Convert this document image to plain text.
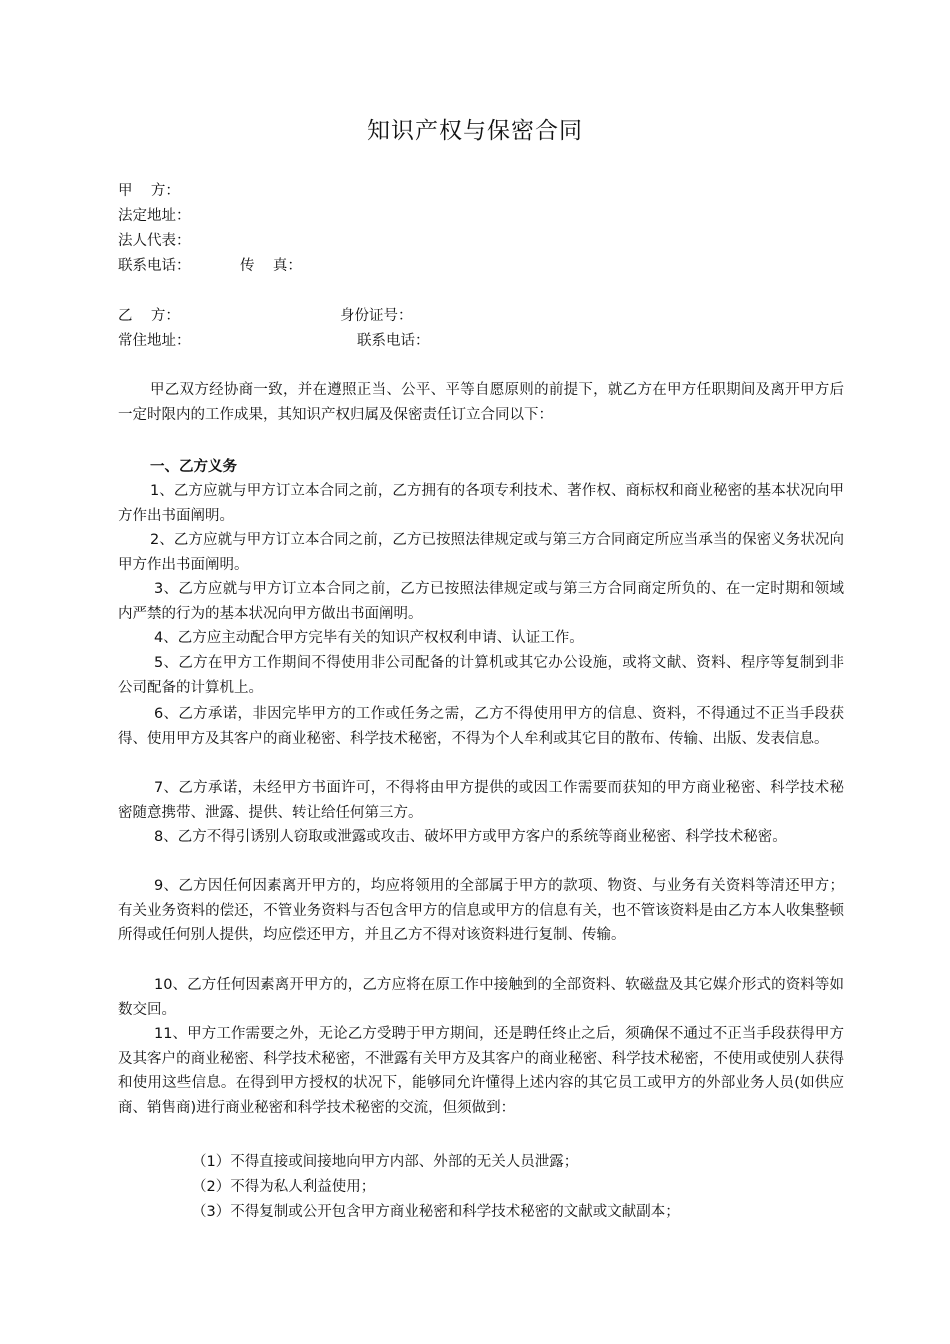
知识产权与保密合同
甲    方：
法定地址：
法人代表：
联系电话：	传    真：
乙    方：	身份证号：
常住地址：	联系电话：
甲乙双方经协商一致，并在遵照正当、公平、平等自愿原则的前提下，就乙方在甲方任职期间及离开甲方后一定时限内的工作成果，其知识产权归属及保密责任订立合同以下：
一、乙方义务
1、乙方应就与甲方订立本合同之前，乙方拥有的各项专利技术、著作权、商标权和商业秘密的基本状况向甲方作出书面阐明。
2、乙方应就与甲方订立本合同之前，乙方已按照法律规定或与第三方合同商定所应当承当的保密义务状况向甲方作出书面阐明。
3、乙方应就与甲方订立本合同之前，乙方已按照法律规定或与第三方合同商定所负的、在一定时期和领域内严禁的行为的基本状况向甲方做出书面阐明。
4、乙方应主动配合甲方完毕有关的知识产权权利申请、认证工作。
5、乙方在甲方工作期间不得使用非公司配备的计算机或其它办公设施，或将文献、资料、程序等复制到非公司配备的计算机上。
6、乙方承诺，非因完毕甲方的工作或任务之需，乙方不得使用甲方的信息、资料，不得通过不正当手段获得、使用甲方及其客户的商业秘密、科学技术秘密，不得为个人牟利或其它目的散布、传输、出版、发表信息。
7、乙方承诺，未经甲方书面许可，不得将由甲方提供的或因工作需要而获知的甲方商业秘密、科学技术秘密随意携带、泄露、提供、转让给任何第三方。
8、乙方不得引诱别人窃取或泄露或攻击、破坏甲方或甲方客户的系统等商业秘密、科学技术秘密。
9、乙方因任何因素离开甲方的，均应将领用的全部属于甲方的款项、物资、与业务有关资料等清还甲方；有关业务资料的偿还，不管业务资料与否包含甲方的信息或甲方的信息有关，也不管该资料是由乙方本人收集整顿所得或任何别人提供，均应偿还甲方，并且乙方不得对该资料进行复制、传输。
10、乙方任何因素离开甲方的，乙方应将在原工作中接触到的全部资料、软磁盘及其它媒介形式的资料等如数交回。
11、甲方工作需要之外，无论乙方受聘于甲方期间，还是聘任终止之后，须确保不通过不正当手段获得甲方及其客户的商业秘密、科学技术秘密，不泄露有关甲方及其客户的商业秘密、科学技术秘密，不使用或使别人获得和使用这些信息。在得到甲方授权的状况下，能够同允许懂得上述内容的其它员工或甲方的外部业务人员(如供应商、销售商)进行商业秘密和科学技术秘密的交流，但须做到：
（1）不得直接或间接地向甲方内部、外部的无关人员泄露；
（2）不得为私人利益使用；
（3）不得复制或公开包含甲方商业秘密和科学技术秘密的文献或文献副本；
